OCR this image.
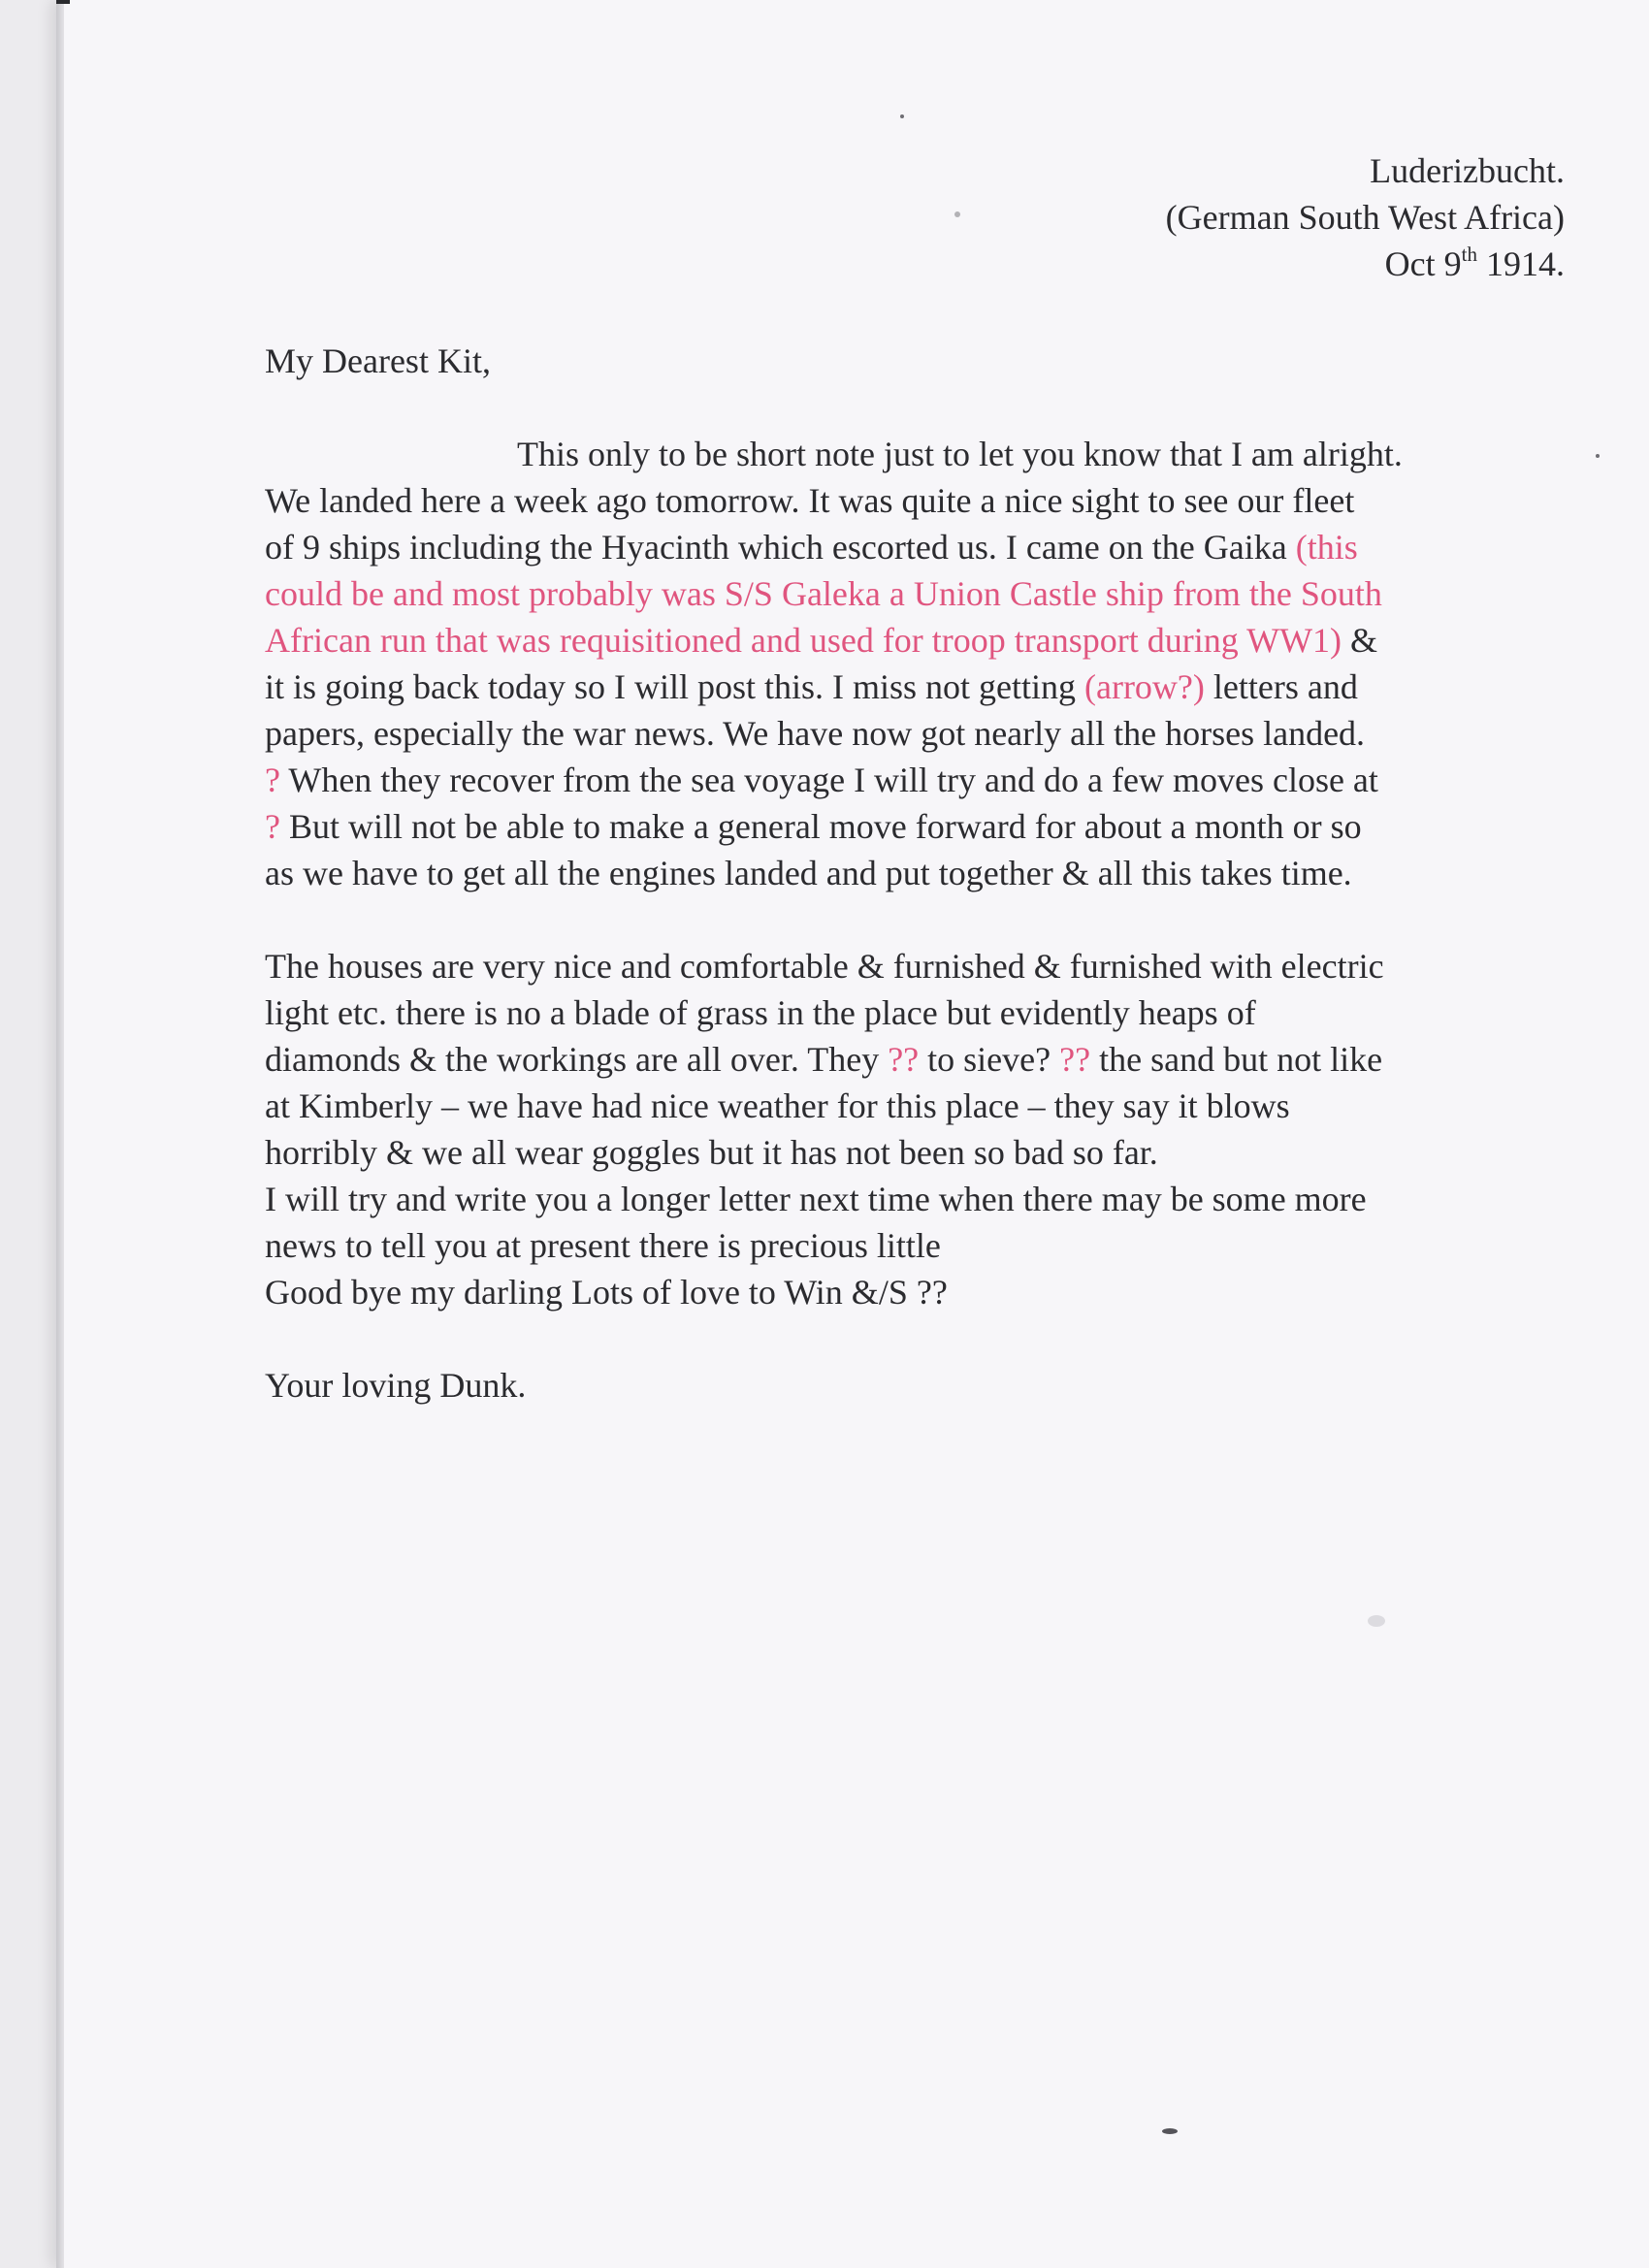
Luderizbucht.
(German South West Africa)
Oct 9th 1914.
My Dearest Kit,
This only to be short note just to let you know that I am alright.
We landed here a week ago tomorrow. It was quite a nice sight to see our fleet
of 9 ships including the Hyacinth which escorted us. I came on the Gaika (this
could be and most probably was S/S Galeka a Union Castle ship from the South
African run that was requisitioned and used for troop transport during WW1) &
it is going back today so I will post this. I miss not getting (arrow?) letters and
papers, especially the war news. We have now got nearly all the horses landed.
? When they recover from the sea voyage I will try and do a few moves close at
? But will not be able to make a general move forward for about a month or so
as we have to get all the engines landed and put together & all this takes time.
The houses are very nice and comfortable & furnished & furnished with electric
light etc. there is no a blade of grass in the place but evidently heaps of
diamonds & the workings are all over. They ?? to sieve? ?? the sand but not like
at Kimberly – we have had nice weather for this place – they say it blows
horribly & we all wear goggles but it has not been so bad so far.
I will try and write you a longer letter next time when there may be some more
news to tell you at present there is precious little
Good bye my darling Lots of love to Win &/S ??
Your loving Dunk.
